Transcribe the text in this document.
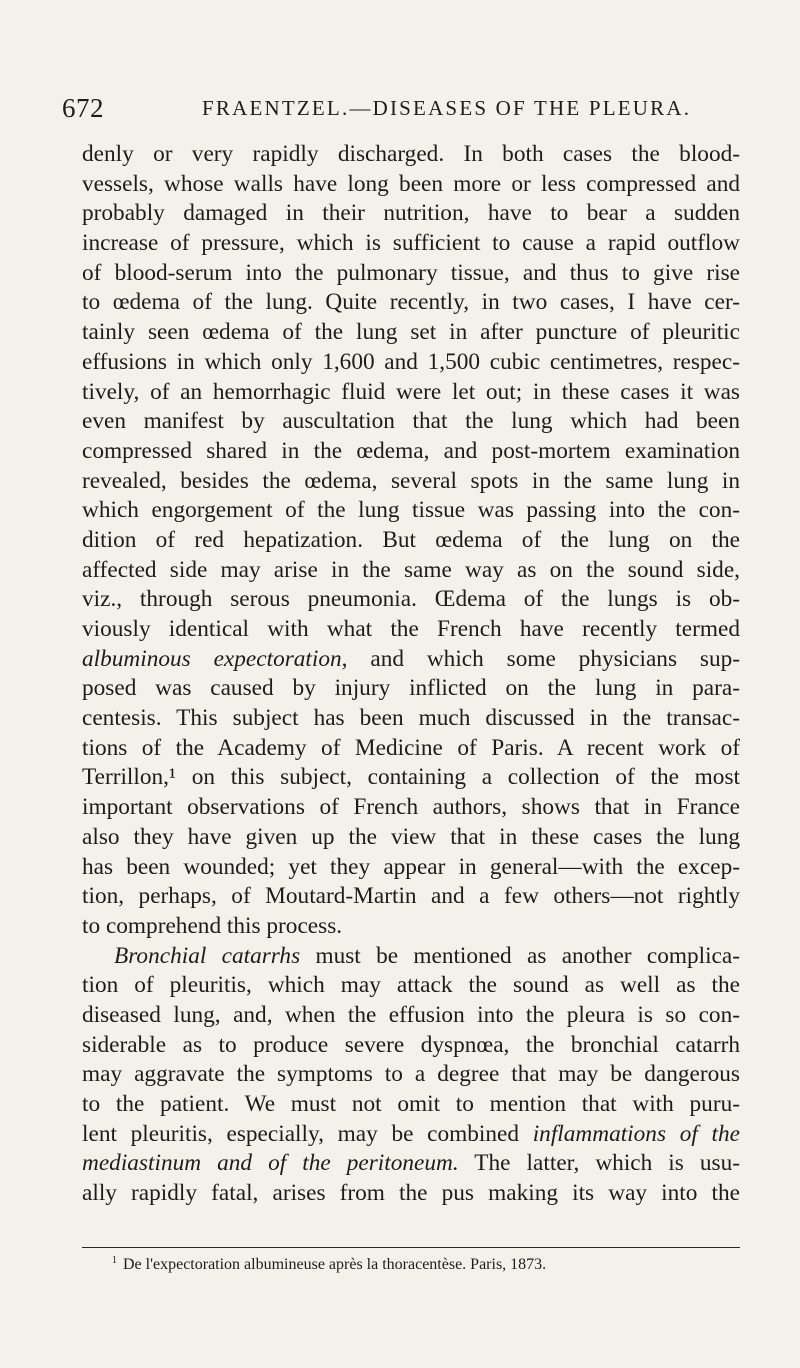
672	FRAENTZEL.—DISEASES OF THE PLEURA.
denly or very rapidly discharged. In both cases the blood-
vessels, whose walls have long been more or less compressed and
probably damaged in their nutrition, have to bear a sudden
increase of pressure, which is sufficient to cause a rapid outflow
of blood-serum into the pulmonary tissue, and thus to give rise
to œdema of the lung. Quite recently, in two cases, I have cer-
tainly seen œdema of the lung set in after puncture of pleuritic
effusions in which only 1,600 and 1,500 cubic centimetres, respec-
tively, of an hemorrhagic fluid were let out; in these cases it was
even manifest by auscultation that the lung which had been
compressed shared in the œdema, and post-mortem examination
revealed, besides the œdema, several spots in the same lung in
which engorgement of the lung tissue was passing into the con-
dition of red hepatization. But œdema of the lung on the
affected side may arise in the same way as on the sound side,
viz., through serous pneumonia. Œdema of the lungs is ob-
viously identical with what the French have recently termed
albuminous expectoration, and which some physicians sup-
posed was caused by injury inflicted on the lung in para-
centesis. This subject has been much discussed in the transac-
tions of the Academy of Medicine of Paris. A recent work of
Terrillon,¹ on this subject, containing a collection of the most
important observations of French authors, shows that in France
also they have given up the view that in these cases the lung
has been wounded; yet they appear in general—with the excep-
tion, perhaps, of Moutard-Martin and a few others—not rightly
to comprehend this process.
Bronchial catarrhs must be mentioned as another complica-
tion of pleuritis, which may attack the sound as well as the
diseased lung, and, when the effusion into the pleura is so con-
siderable as to produce severe dyspnœa, the bronchial catarrh
may aggravate the symptoms to a degree that may be dangerous
to the patient. We must not omit to mention that with puru-
lent pleuritis, especially, may be combined inflammations of the
mediastinum and of the peritoneum. The latter, which is usu-
ally rapidly fatal, arises from the pus making its way into the
$^1$ De l'expectoration albumineuse après la thoracentèse. Paris, 1873.
